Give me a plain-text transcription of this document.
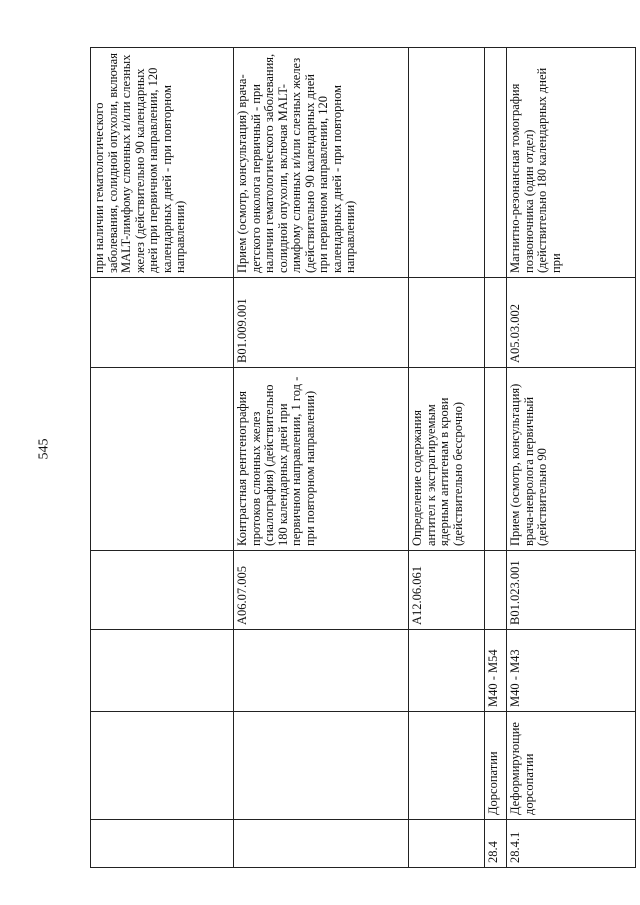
545
						при наличии гематологического заболевания, солидной опухоли, включая MALT-лимфому слюнных и/или слезных желез (действительно 90 календарных дней при первичном направлении, 120 календарных дней - при повторном направлении)
			A06.07.005	Контрастная рентгенография протоков слюнных желез (сиалография) (действительно 180 календарных дней при первичном направлении, 1 год - при повторном направлении)	B01.009.001	Прием (осмотр, консультация) врача-детского онколога первичный - при наличии гематологического заболевания, солидной опухоли, включая MALT-лимфому слюнных и/или слезных желез (действительно 90 календарных дней при первичном направлении, 120 календарных дней - при повторном направлении)
			A12.06.061	Определение содержания антител к экстрагируемым ядерным антигенам в крови (действительно бессрочно)		
28.4	Дорсопатии	M40 - M54				
28.4.1	Деформирующие дорсопатии	M40 - M43	B01.023.001	Прием (осмотр, консультация) врача-невролога первичный (действительно 90	A05.03.002	Магнитно-резонансная томография позвоночника (один отдел) (действительно 180 календарных дней при
